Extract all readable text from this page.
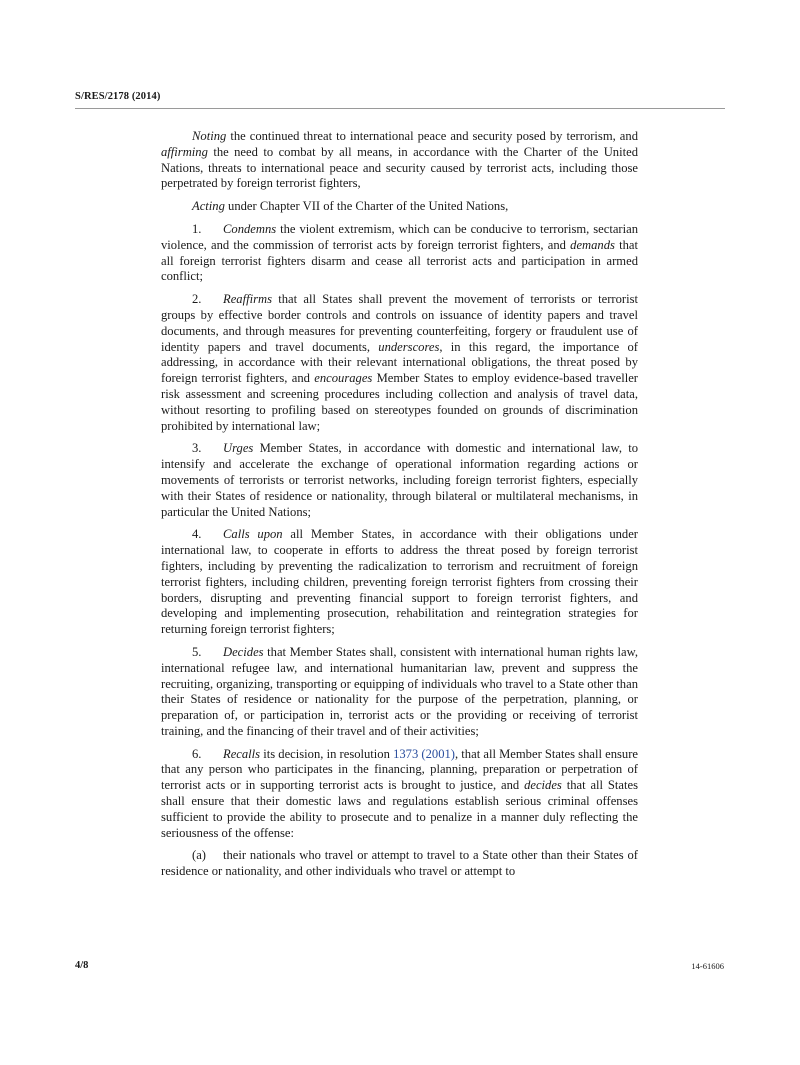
S/RES/2178 (2014)

Noting the continued threat to international peace and security posed by terrorism, and affirming the need to combat by all means, in accordance with the Charter of the United Nations, threats to international peace and security caused by terrorist acts, including those perpetrated by foreign terrorist fighters,

Acting under Chapter VII of the Charter of the United Nations,

1. Condemns the violent extremism, which can be conducive to terrorism, sectarian violence, and the commission of terrorist acts by foreign terrorist fighters, and demands that all foreign terrorist fighters disarm and cease all terrorist acts and participation in armed conflict;

2. Reaffirms that all States shall prevent the movement of terrorists or terrorist groups by effective border controls and controls on issuance of identity papers and travel documents, and through measures for preventing counterfeiting, forgery or fraudulent use of identity papers and travel documents, underscores, in this regard, the importance of addressing, in accordance with their relevant international obligations, the threat posed by foreign terrorist fighters, and encourages Member States to employ evidence-based traveller risk assessment and screening procedures including collection and analysis of travel data, without resorting to profiling based on stereotypes founded on grounds of discrimination prohibited by international law;

3. Urges Member States, in accordance with domestic and international law, to intensify and accelerate the exchange of operational information regarding actions or movements of terrorists or terrorist networks, including foreign terrorist fighters, especially with their States of residence or nationality, through bilateral or multilateral mechanisms, in particular the United Nations;

4. Calls upon all Member States, in accordance with their obligations under international law, to cooperate in efforts to address the threat posed by foreign terrorist fighters, including by preventing the radicalization to terrorism and recruitment of foreign terrorist fighters, including children, preventing foreign terrorist fighters from crossing their borders, disrupting and preventing financial support to foreign terrorist fighters, and developing and implementing prosecution, rehabilitation and reintegration strategies for returning foreign terrorist fighters;

5. Decides that Member States shall, consistent with international human rights law, international refugee law, and international humanitarian law, prevent and suppress the recruiting, organizing, transporting or equipping of individuals who travel to a State other than their States of residence or nationality for the purpose of the perpetration, planning, or preparation of, or participation in, terrorist acts or the providing or receiving of terrorist training, and the financing of their travel and of their activities;

6. Recalls its decision, in resolution 1373 (2001), that all Member States shall ensure that any person who participates in the financing, planning, preparation or perpetration of terrorist acts or in supporting terrorist acts is brought to justice, and decides that all States shall ensure that their domestic laws and regulations establish serious criminal offenses sufficient to provide the ability to prosecute and to penalize in a manner duly reflecting the seriousness of the offense:

(a) their nationals who travel or attempt to travel to a State other than their States of residence or nationality, and other individuals who travel or attempt to

4/8	14-61606
